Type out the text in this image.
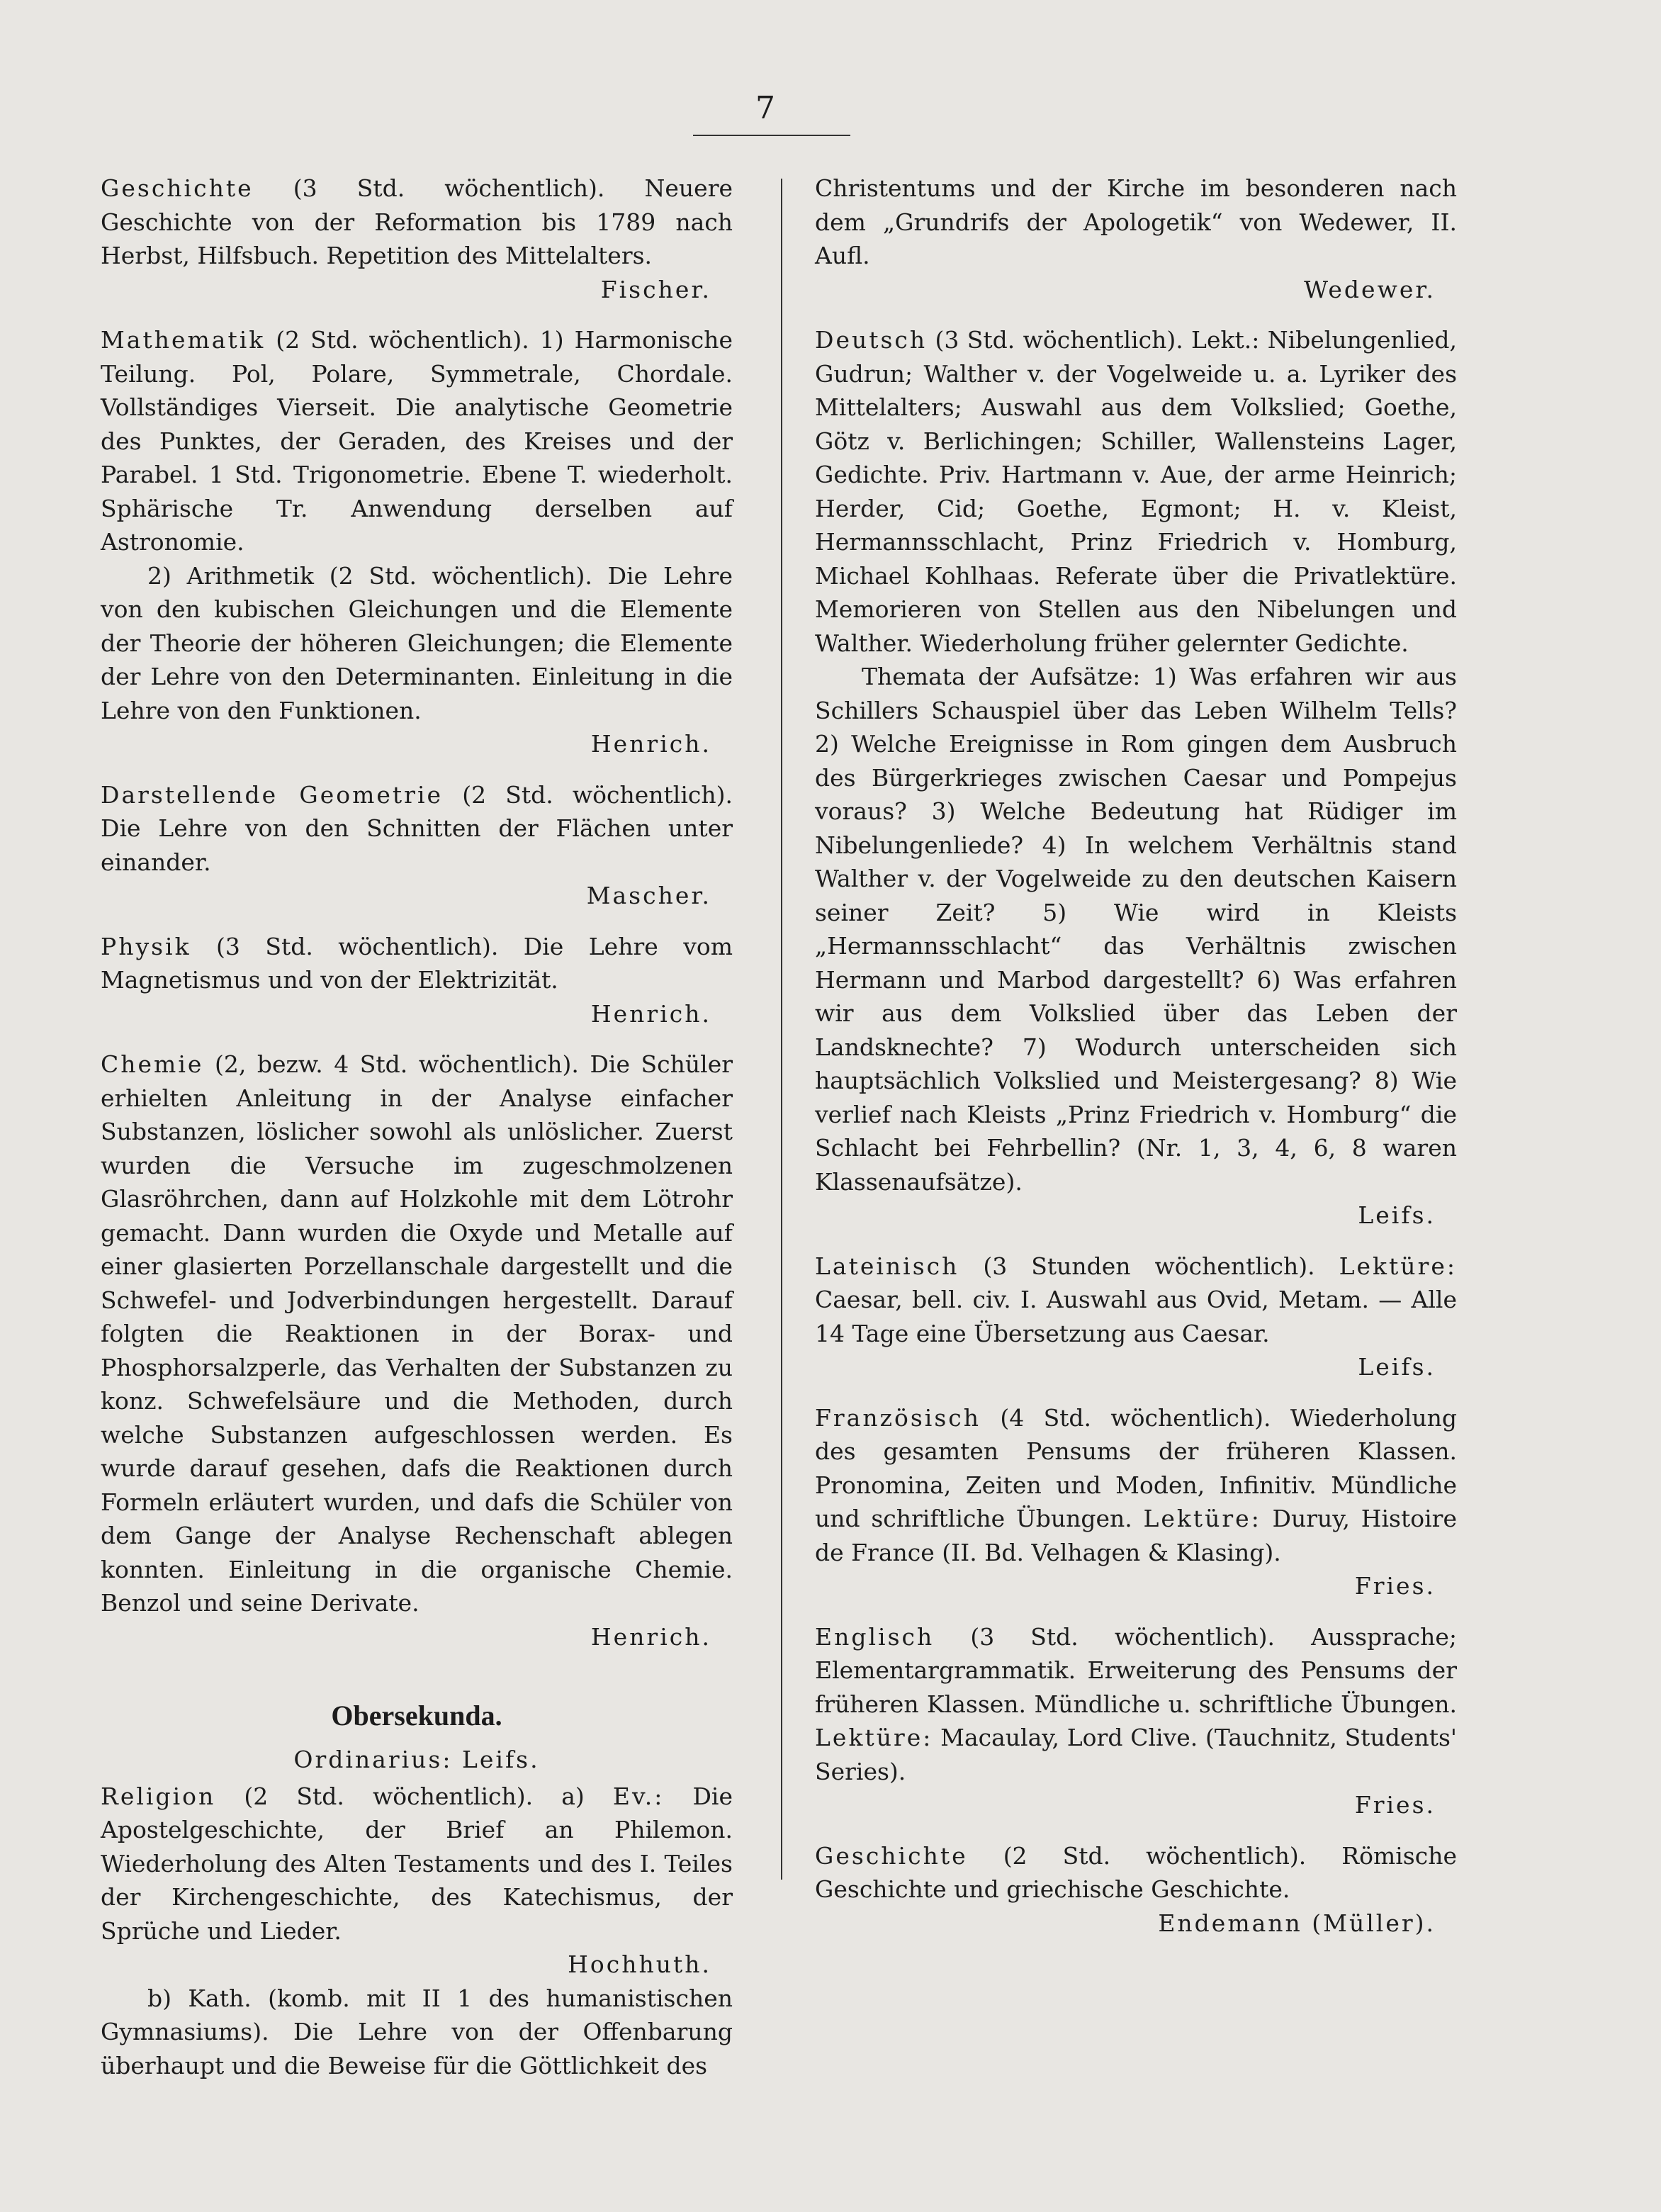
7

Geschichte (3 Std. wöchentlich). Neuere Geschichte von der Reformation bis 1789 nach Herbst, Hilfsbuch. Repetition des Mittelalters.
Fischer.

Mathematik (2 Std. wöchentlich). 1) Harmonische Teilung. Pol, Polare, Symmetrale, Chordale. Vollständiges Vierseit. Die analytische Geometrie des Punktes, der Geraden, des Kreises und der Parabel. 1 Std. Trigonometrie. Ebene T. wiederholt. Sphärische Tr. Anwendung derselben auf Astronomie.

2) Arithmetik (2 Std. wöchentlich). Die Lehre von den kubischen Gleichungen und die Elemente der Theorie der höheren Gleichungen; die Elemente der Lehre von den Determinanten. Einleitung in die Lehre von den Funktionen.
Henrich.

Darstellende Geometrie (2 Std. wöchentlich). Die Lehre von den Schnitten der Flächen unter einander.
Mascher.

Physik (3 Std. wöchentlich). Die Lehre vom Magnetismus und von der Elektrizität.
Henrich.

Chemie (2, bezw. 4 Std. wöchentlich). Die Schüler erhielten Anleitung in der Analyse einfacher Substanzen, löslicher sowohl als unlöslicher. Zuerst wurden die Versuche im zugeschmolzenen Glasröhrchen, dann auf Holzkohle mit dem Lötrohr gemacht. Dann wurden die Oxyde und Metalle auf einer glasierten Porzellanschale dargestellt und die Schwefel- und Jodverbindungen hergestellt. Darauf folgten die Reaktionen in der Borax- und Phosphorsalzperle, das Verhalten der Substanzen zu konz. Schwefelsäure und die Methoden, durch welche Substanzen aufgeschlossen werden. Es wurde darauf gesehen, dafs die Reaktionen durch Formeln erläutert wurden, und dafs die Schüler von dem Gange der Analyse Rechenschaft ablegen konnten. Einleitung in die organische Chemie. Benzol und seine Derivate.
Henrich.

Obersekunda.
Ordinarius: Leifs.

Religion (2 Std. wöchentlich). a) Ev.: Die Apostelgeschichte, der Brief an Philemon. Wiederholung des Alten Testaments und des I. Teiles der Kirchengeschichte, des Katechismus, der Sprüche und Lieder.
Hochhuth.

b) Kath. (komb. mit II 1 des humanistischen Gymnasiums). Die Lehre von der Offenbarung überhaupt und die Beweise für die Göttlichkeit des

Christentums und der Kirche im besonderen nach dem „Grundrifs der Apologetik“ von Wedewer, II. Aufl.
Wedewer.

Deutsch (3 Std. wöchentlich). Lekt.: Nibelungenlied, Gudrun; Walther v. der Vogelweide u. a. Lyriker des Mittelalters; Auswahl aus dem Volkslied; Goethe, Götz v. Berlichingen; Schiller, Wallensteins Lager, Gedichte. Priv. Hartmann v. Aue, der arme Heinrich; Herder, Cid; Goethe, Egmont; H. v. Kleist, Hermannsschlacht, Prinz Friedrich v. Homburg, Michael Kohlhaas. Referate über die Privatlektüre. Memorieren von Stellen aus den Nibelungen und Walther. Wiederholung früher gelernter Gedichte.

Themata der Aufsätze: 1) Was erfahren wir aus Schillers Schauspiel über das Leben Wilhelm Tells? 2) Welche Ereignisse in Rom gingen dem Ausbruch des Bürgerkrieges zwischen Caesar und Pompejus voraus? 3) Welche Bedeutung hat Rüdiger im Nibelungenliede? 4) In welchem Verhältnis stand Walther v. der Vogelweide zu den deutschen Kaisern seiner Zeit? 5) Wie wird in Kleists „Hermannsschlacht“ das Verhältnis zwischen Hermann und Marbod dargestellt? 6) Was erfahren wir aus dem Volkslied über das Leben der Landsknechte? 7) Wodurch unterscheiden sich hauptsächlich Volkslied und Meistergesang? 8) Wie verlief nach Kleists „Prinz Friedrich v. Homburg“ die Schlacht bei Fehrbellin? (Nr. 1, 3, 4, 6, 8 waren Klassenaufsätze).
Leifs.

Lateinisch (3 Stunden wöchentlich). Lektüre: Caesar, bell. civ. I. Auswahl aus Ovid, Metam. — Alle 14 Tage eine Übersetzung aus Caesar.
Leifs.

Französisch (4 Std. wöchentlich). Wiederholung des gesamten Pensums der früheren Klassen. Pronomina, Zeiten und Moden, Infinitiv. Mündliche und schriftliche Übungen. Lektüre: Duruy, Histoire de France (II. Bd. Velhagen & Klasing).
Fries.

Englisch (3 Std. wöchentlich). Aussprache; Elementargrammatik. Erweiterung des Pensums der früheren Klassen. Mündliche u. schriftliche Übungen. Lektüre: Macaulay, Lord Clive. (Tauchnitz, Students' Series).
Fries.

Geschichte (2 Std. wöchentlich). Römische Geschichte und griechische Geschichte.
Endemann (Müller).
